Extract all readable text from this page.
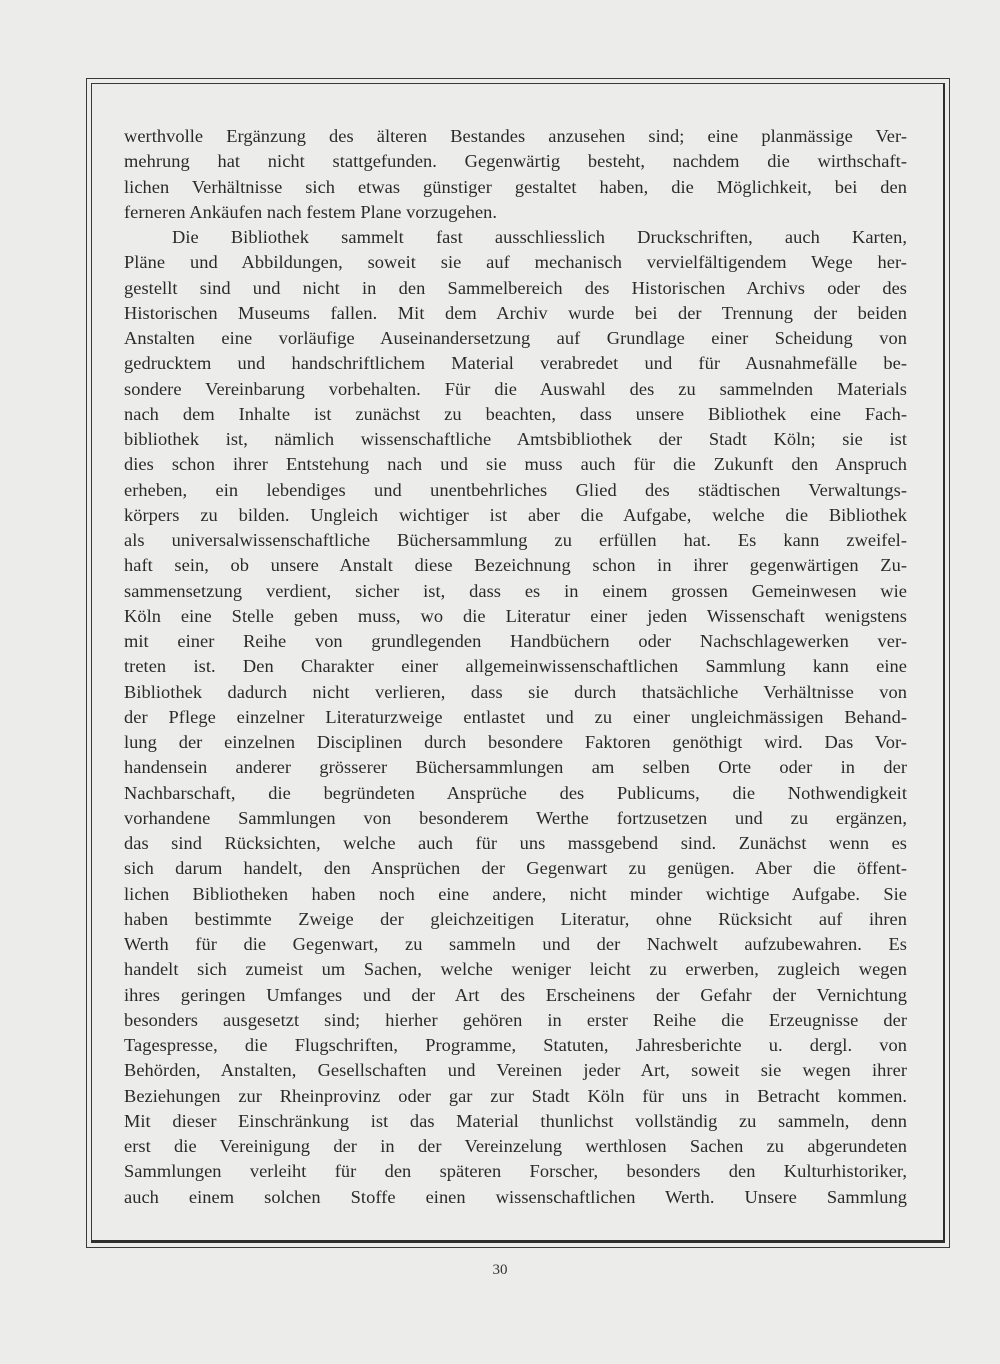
werthvolle Ergänzung des älteren Bestandes anzusehen sind; eine planmässige Ver-
mehrung hat nicht stattgefunden. Gegenwärtig besteht, nachdem die wirthschaft-
lichen Verhältnisse sich etwas günstiger gestaltet haben, die Möglichkeit, bei den
ferneren Ankäufen nach festem Plane vorzugehen.
Die Bibliothek sammelt fast ausschliesslich Druckschriften, auch Karten,
Pläne und Abbildungen, soweit sie auf mechanisch vervielfältigendem Wege her-
gestellt sind und nicht in den Sammelbereich des Historischen Archivs oder des
Historischen Museums fallen. Mit dem Archiv wurde bei der Trennung der beiden
Anstalten eine vorläufige Auseinandersetzung auf Grundlage einer Scheidung von
gedrucktem und handschriftlichem Material verabredet und für Ausnahmefälle be-
sondere Vereinbarung vorbehalten. Für die Auswahl des zu sammelnden Materials
nach dem Inhalte ist zunächst zu beachten, dass unsere Bibliothek eine Fach-
bibliothek ist, nämlich wissenschaftliche Amtsbibliothek der Stadt Köln; sie ist
dies schon ihrer Entstehung nach und sie muss auch für die Zukunft den Anspruch
erheben, ein lebendiges und unentbehrliches Glied des städtischen Verwaltungs-
körpers zu bilden. Ungleich wichtiger ist aber die Aufgabe, welche die Bibliothek
als universalwissenschaftliche Büchersammlung zu erfüllen hat. Es kann zweifel-
haft sein, ob unsere Anstalt diese Bezeichnung schon in ihrer gegenwärtigen Zu-
sammensetzung verdient, sicher ist, dass es in einem grossen Gemeinwesen wie
Köln eine Stelle geben muss, wo die Literatur einer jeden Wissenschaft wenigstens
mit einer Reihe von grundlegenden Handbüchern oder Nachschlagewerken ver-
treten ist. Den Charakter einer allgemeinwissenschaftlichen Sammlung kann eine
Bibliothek dadurch nicht verlieren, dass sie durch thatsächliche Verhältnisse von
der Pflege einzelner Literaturzweige entlastet und zu einer ungleichmässigen Behand-
lung der einzelnen Disciplinen durch besondere Faktoren genöthigt wird. Das Vor-
handensein anderer grösserer Büchersammlungen am selben Orte oder in der
Nachbarschaft, die begründeten Ansprüche des Publicums, die Nothwendigkeit
vorhandene Sammlungen von besonderem Werthe fortzusetzen und zu ergänzen,
das sind Rücksichten, welche auch für uns massgebend sind. Zunächst wenn es
sich darum handelt, den Ansprüchen der Gegenwart zu genügen. Aber die öffent-
lichen Bibliotheken haben noch eine andere, nicht minder wichtige Aufgabe. Sie
haben bestimmte Zweige der gleichzeitigen Literatur, ohne Rücksicht auf ihren
Werth für die Gegenwart, zu sammeln und der Nachwelt aufzubewahren. Es
handelt sich zumeist um Sachen, welche weniger leicht zu erwerben, zugleich wegen
ihres geringen Umfanges und der Art des Erscheinens der Gefahr der Vernichtung
besonders ausgesetzt sind; hierher gehören in erster Reihe die Erzeugnisse der
Tagespresse, die Flugschriften, Programme, Statuten, Jahresberichte u. dergl. von
Behörden, Anstalten, Gesellschaften und Vereinen jeder Art, soweit sie wegen ihrer
Beziehungen zur Rheinprovinz oder gar zur Stadt Köln für uns in Betracht kommen.
Mit dieser Einschränkung ist das Material thunlichst vollständig zu sammeln, denn
erst die Vereinigung der in der Vereinzelung werthlosen Sachen zu abgerundeten
Sammlungen verleiht für den späteren Forscher, besonders den Kulturhistoriker,
auch einem solchen Stoffe einen wissenschaftlichen Werth. Unsere Sammlung
30
